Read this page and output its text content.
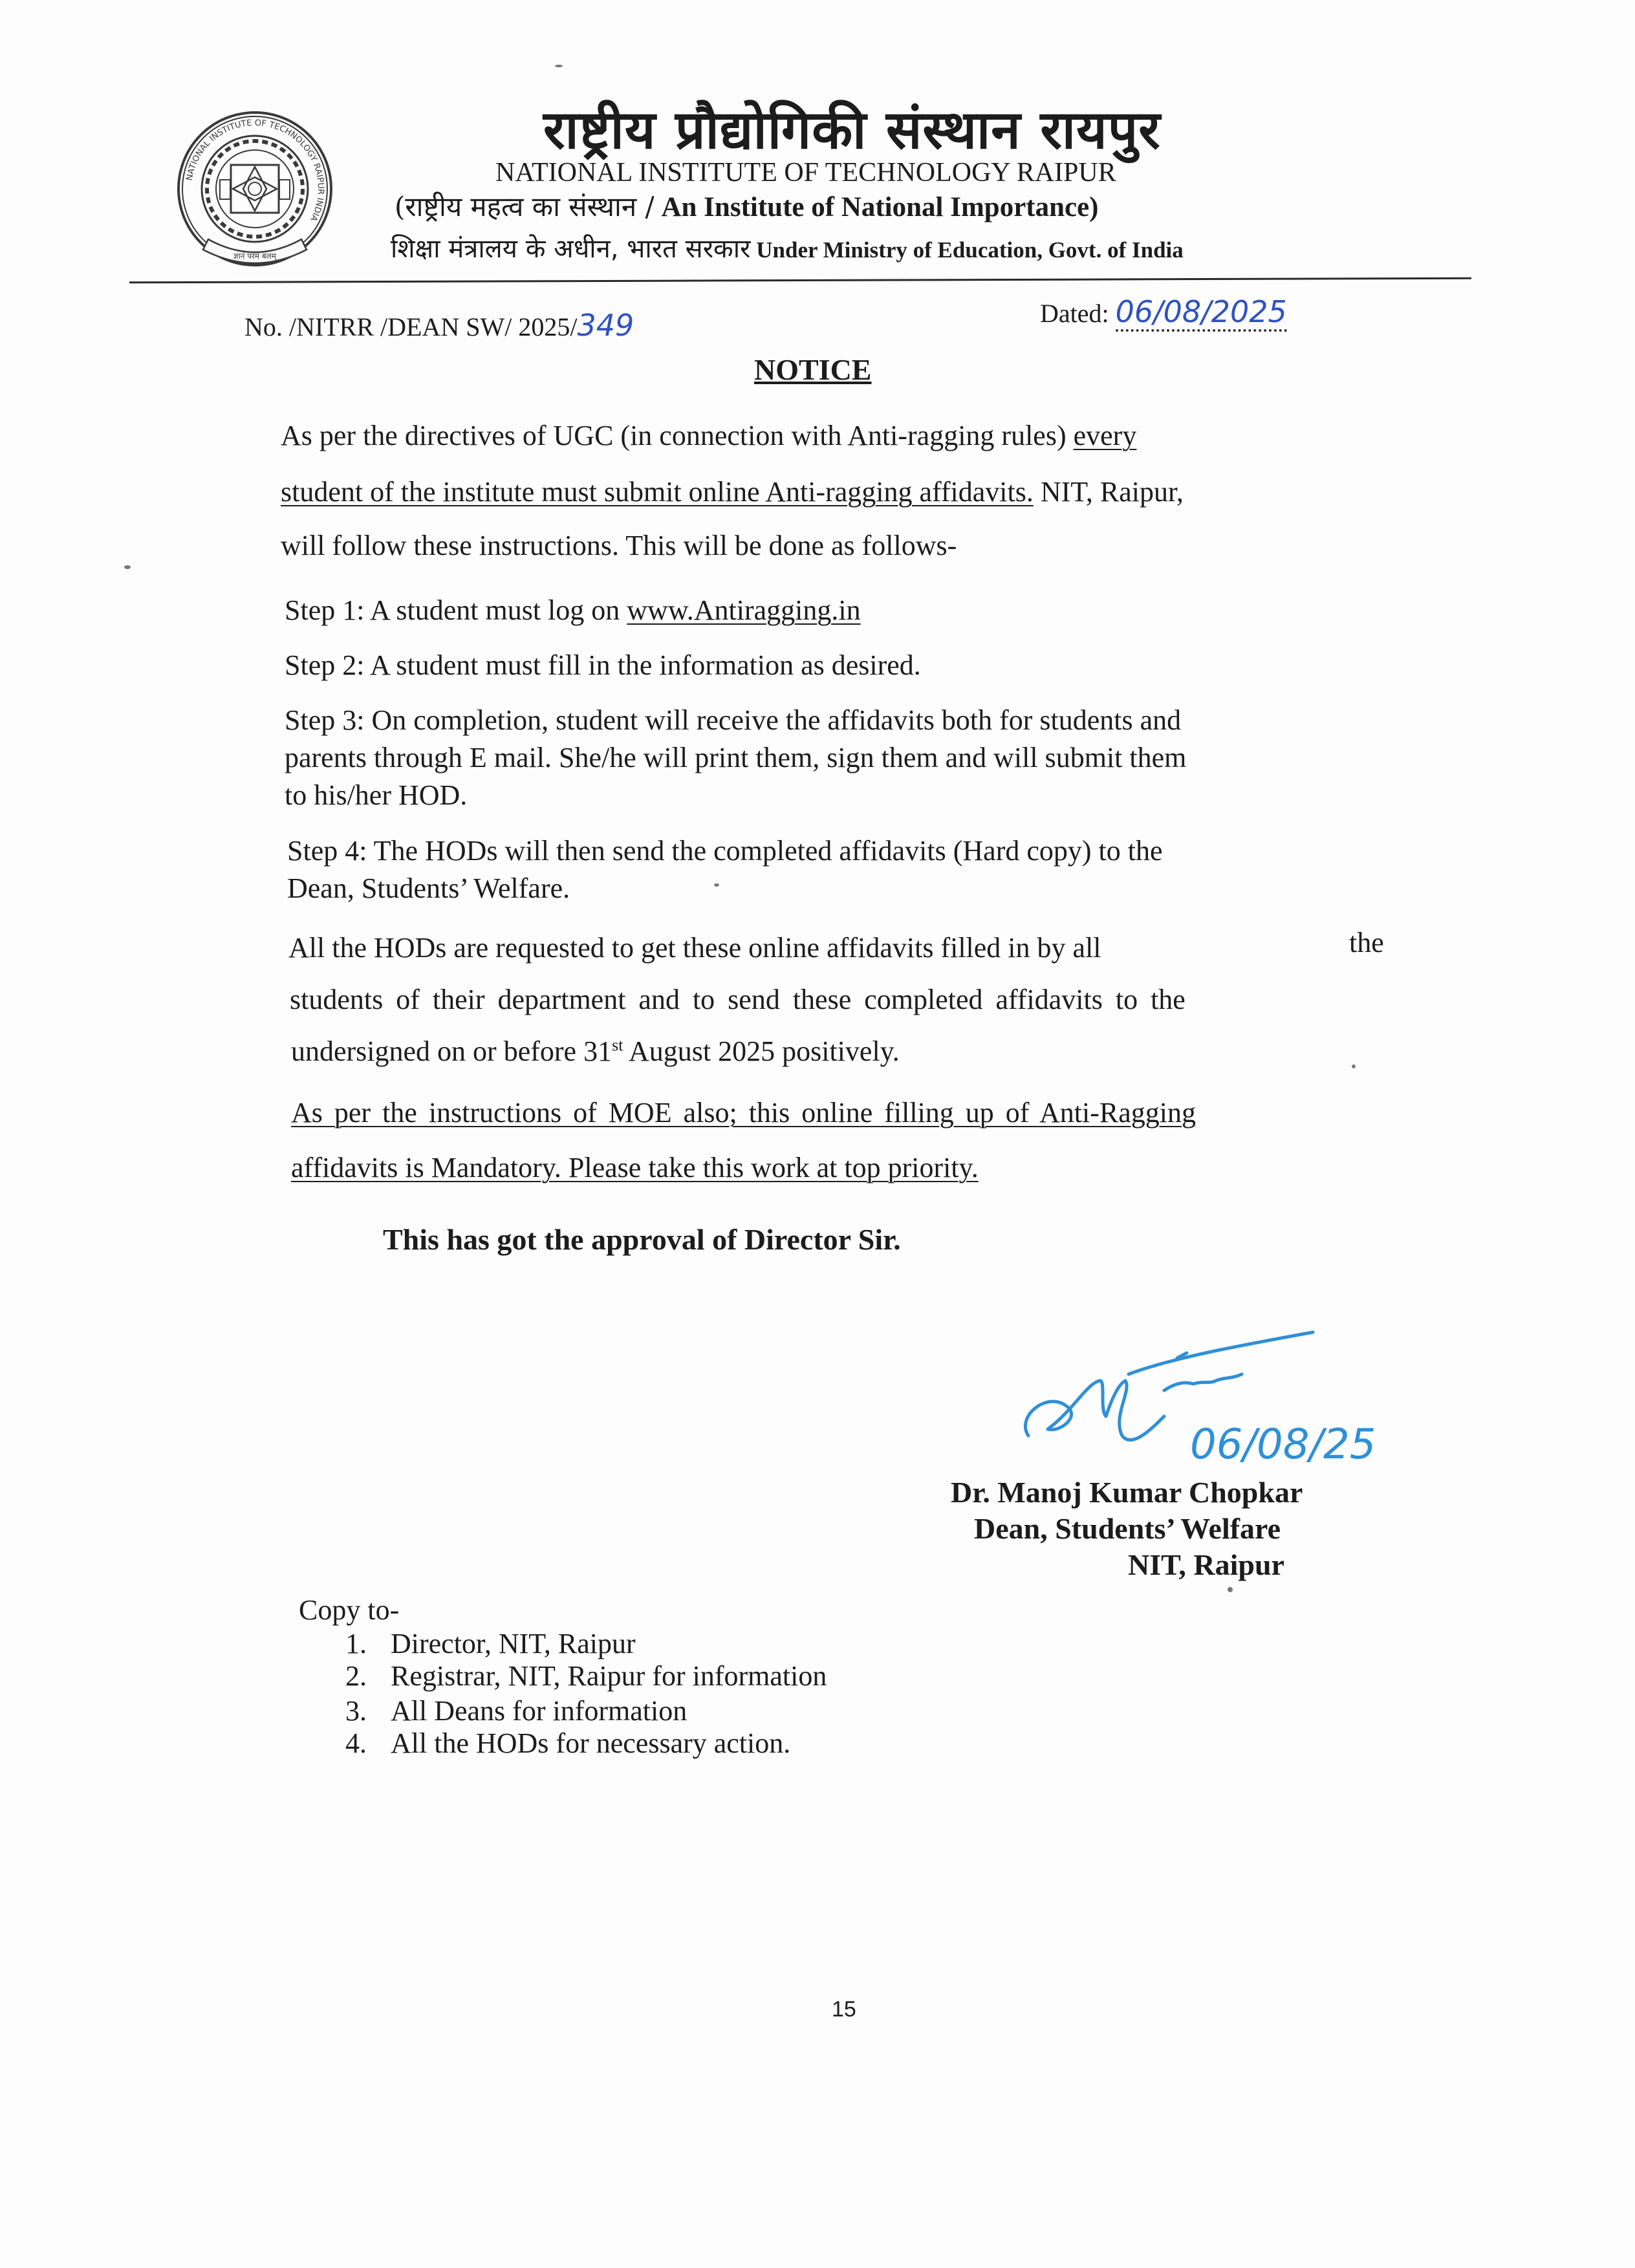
NATIONAL INSTITUTE OF TECHNOLOGY RAIPUR INDIA
ज्ञानं परमं बलम्
राष्ट्रीय प्रौद्योगिकी संस्थान रायपुर
NATIONAL INSTITUTE OF TECHNOLOGY RAIPUR
(राष्ट्रीय महत्व का संस्थान / An Institute of National Importance)
शिक्षा मंत्रालय के अधीन, भारत सरकार Under Ministry of Education, Govt. of India
No. /NITRR /DEAN SW/ 2025/349	Dated: 06/08/2025
NOTICE
As per the directives of UGC (in connection with Anti-ragging rules) every
student of the institute must submit online Anti-ragging affidavits. NIT, Raipur,
will follow these instructions. This will be done as follows-
Step 1: A student must log on www.Antiragging.in
Step 2: A student must fill in the information as desired.
Step 3: On completion, student will receive the affidavits both for students and
parents through E mail. She/he will print them, sign them and will submit them
to his/her HOD.
Step 4: The HODs will then send the completed affidavits (Hard copy) to the
Dean, Students’ Welfare.
All the HODs are requested to get these online affidavits filled in by all	the
students of their department and to send these completed affidavits to the
undersigned on or before 31st August 2025 positively.
As per the instructions of MOE also; this online filling up of Anti-Ragging
affidavits is Mandatory. Please take this work at top priority.
This has got the approval of Director Sir.
06/08/25
Dr. Manoj Kumar Chopkar
Dean, Students’ Welfare
NIT, Raipur
Copy to-
1. Director, NIT, Raipur
2. Registrar, NIT, Raipur for information
3. All Deans for information
4. All the HODs for necessary action.
15
